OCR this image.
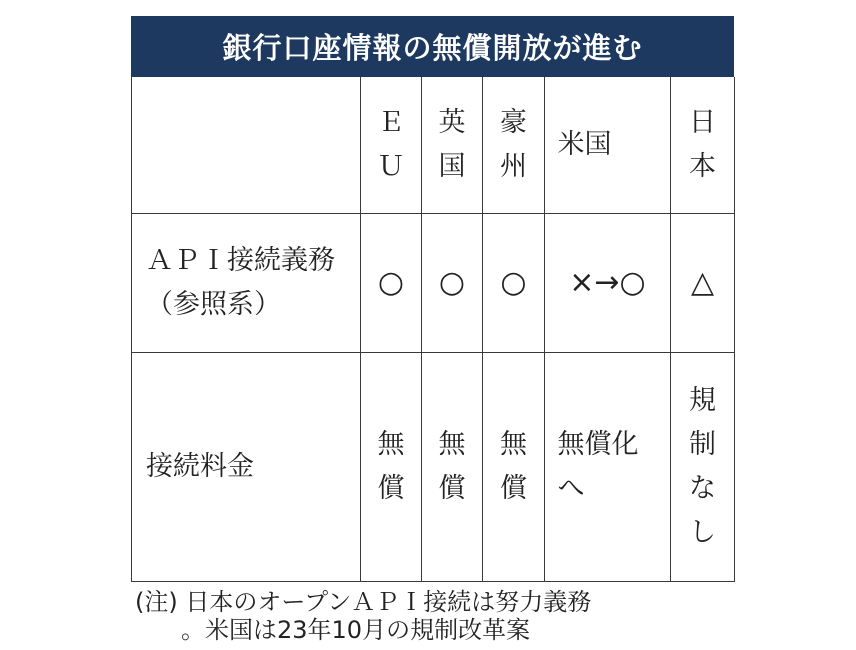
銀行口座情報の無償開放が進む
	ＥＵ	英国	豪州	米国	日本
ＡＰＩ接続義務（参照系）	○	○	○	×→○	△
接続料金	無償	無償	無償	無償化へ	規制なし
(注) 日本のオープンＡＰＩ接続は努力義務
。米国は23年10月の規制改革案
